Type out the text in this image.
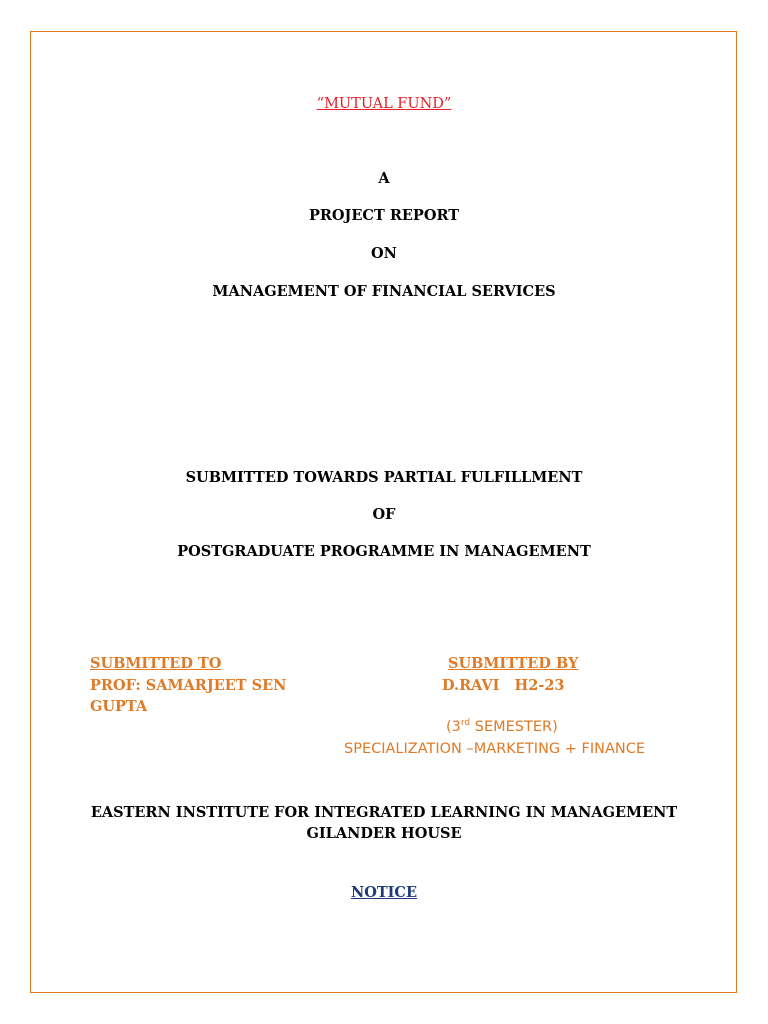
“MUTUAL FUND”
A
PROJECT REPORT
ON
MANAGEMENT OF FINANCIAL SERVICES
SUBMITTED TOWARDS PARTIAL FULFILLMENT
OF
POSTGRADUATE PROGRAMME IN MANAGEMENT
SUBMITTED TO
PROF: SAMARJEET SEN
GUPTA
SUBMITTED BY
D.RAVI   H2-23
(3rd SEMESTER)
SPECIALIZATION –MARKETING + FINANCE
EASTERN INSTITUTE FOR INTEGRATED LEARNING IN MANAGEMENT
GILANDER HOUSE
NOTICE
